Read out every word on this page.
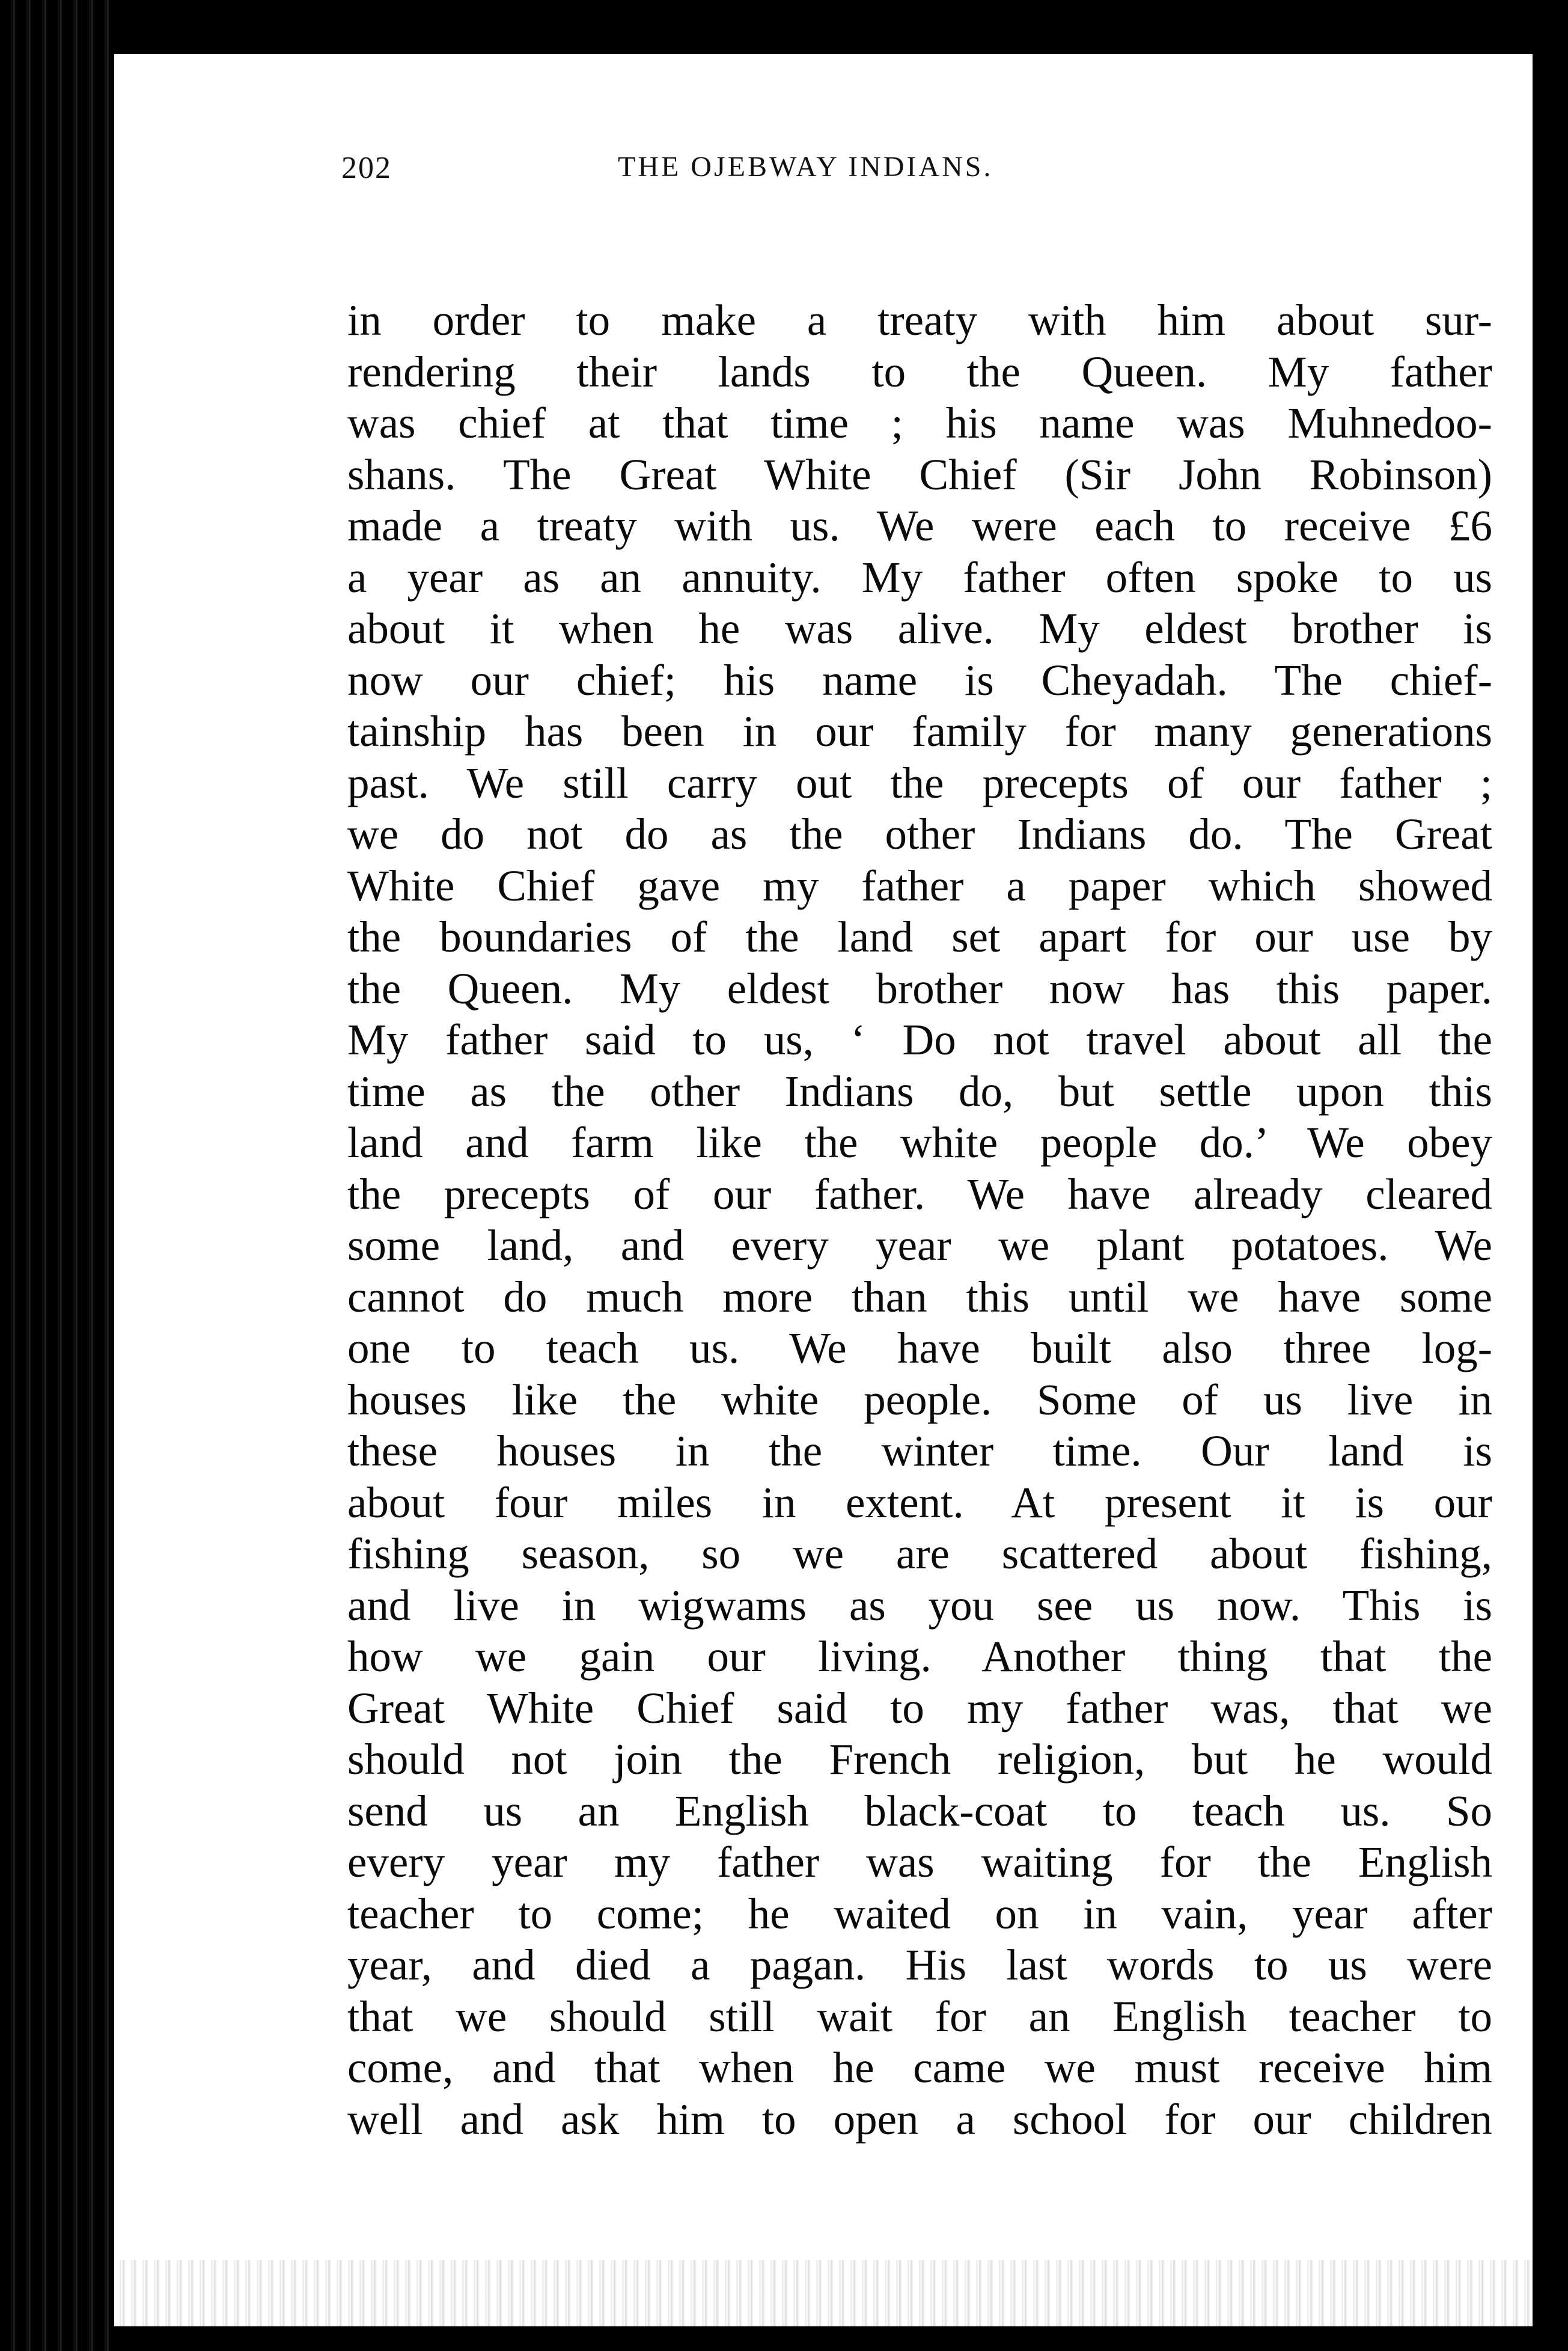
202	THE OJEBWAY INDIANS.
in order to make a treaty with him about sur-
rendering their lands to the Queen. My father
was chief at that time ; his name was Muhnedoo-
shans. The Great White Chief (Sir John Robinson)
made a treaty with us. We were each to receive £6
a year as an annuity. My father often spoke to us
about it when he was alive. My eldest brother is
now our chief; his name is Cheyadah. The chief-
tainship has been in our family for many generations
past. We still carry out the precepts of our father ;
we do not do as the other Indians do. The Great
White Chief gave my father a paper which showed
the boundaries of the land set apart for our use by
the Queen. My eldest brother now has this paper.
My father said to us, ‘ Do not travel about all the
time as the other Indians do, but settle upon this
land and farm like the white people do.’ We obey
the precepts of our father. We have already cleared
some land, and every year we plant potatoes. We
cannot do much more than this until we have some
one to teach us. We have built also three log-
houses like the white people. Some of us live in
these houses in the winter time. Our land is
about four miles in extent. At present it is our
fishing season, so we are scattered about fishing,
and live in wigwams as you see us now. This is
how we gain our living. Another thing that the
Great White Chief said to my father was, that we
should not join the French religion, but he would
send us an English black-coat to teach us. So
every year my father was waiting for the English
teacher to come; he waited on in vain, year after
year, and died a pagan. His last words to us were
that we should still wait for an English teacher to
come, and that when he came we must receive him
well and ask him to open a school for our children
